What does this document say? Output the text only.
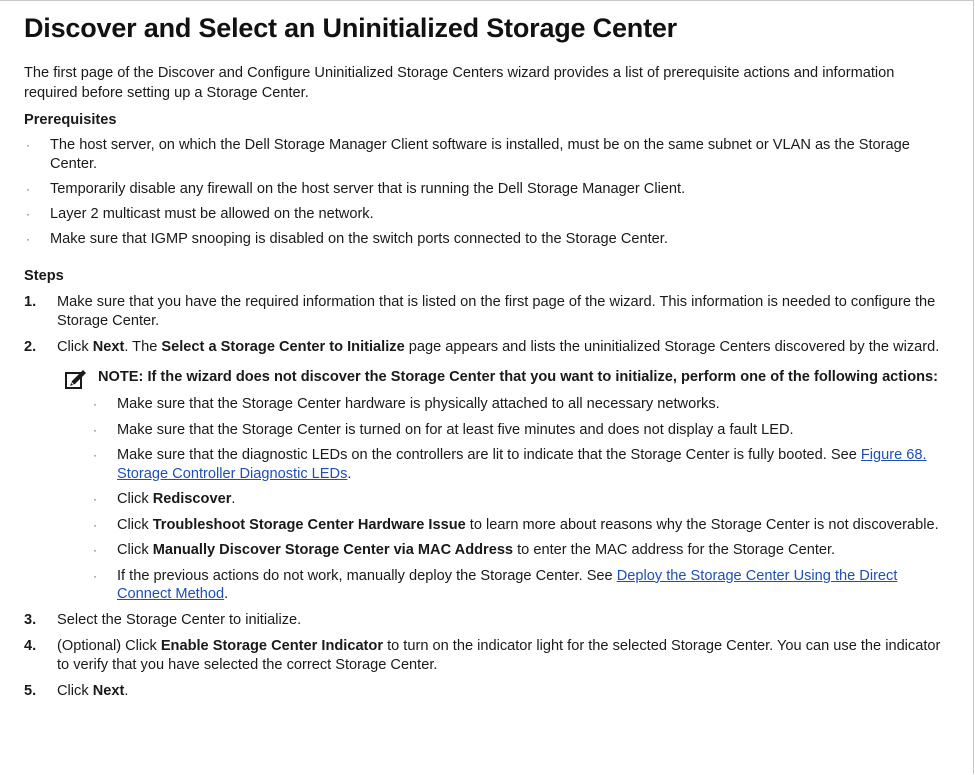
Discover and Select an Uninitialized Storage Center

The first page of the Discover and Configure Uninitialized Storage Centers wizard provides a list of prerequisite actions and information required before setting up a Storage Center.

Prerequisites
· The host server, on which the Dell Storage Manager Client software is installed, must be on the same subnet or VLAN as the Storage Center.
· Temporarily disable any firewall on the host server that is running the Dell Storage Manager Client.
· Layer 2 multicast must be allowed on the network.
· Make sure that IGMP snooping is disabled on the switch ports connected to the Storage Center.
Steps
1. Make sure that you have the required information that is listed on the first page of the wizard. This information is needed to configure the Storage Center.
2. Click Next. The Select a Storage Center to Initialize page appears and lists the uninitialized Storage Centers discovered by the wizard.
NOTE: If the wizard does not discover the Storage Center that you want to initialize, perform one of the following actions:
· Make sure that the Storage Center hardware is physically attached to all necessary networks.
· Make sure that the Storage Center is turned on for at least five minutes and does not display a fault LED.
· Make sure that the diagnostic LEDs on the controllers are lit to indicate that the Storage Center is fully booted. See Figure 68. Storage Controller Diagnostic LEDs.
· Click Rediscover.
· Click Troubleshoot Storage Center Hardware Issue to learn more about reasons why the Storage Center is not discoverable.
· Click Manually Discover Storage Center via MAC Address to enter the MAC address for the Storage Center.
· If the previous actions do not work, manually deploy the Storage Center. See Deploy the Storage Center Using the Direct Connect Method.
3. Select the Storage Center to initialize.
4. (Optional) Click Enable Storage Center Indicator to turn on the indicator light for the selected Storage Center. You can use the indicator to verify that you have selected the correct Storage Center.
5. Click Next.
